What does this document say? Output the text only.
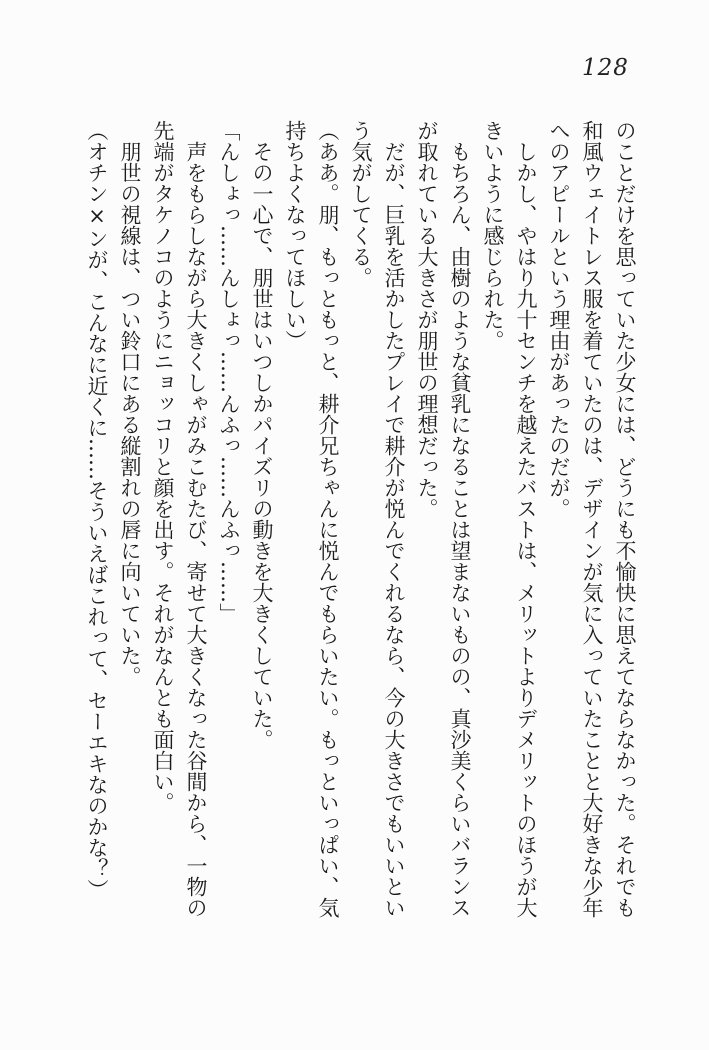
128

のことだけを思っていた少女には、どうにも不愉快に思えてならなかった。それでも和風ウェイトレス服を着ていたのは、デザインが気に入っていたことと大好きな少年へのアピールという理由があったのだが。

しかし、やはり九十センチを越えたバストは、メリットよりデメリットのほうが大きいように感じられた。

もちろん、由樹のような貧乳になることは望まないものの、真沙美くらいバランスが取れている大きさが朋世の理想だった。

だが、巨乳を活かしたプレイで耕介が悦んでくれるなら、今の大きさでもいいという気がしてくる。

（ああ。朋、もっともっと、耕介兄ちゃんに悦んでもらいたい。もっといっぱい、気持ちよくなってほしい）

その一心で、朋世はいつしかパイズリの動きを大きくしていた。

「んしょっ……んしょっ……んふっ……んふっ……」

声をもらしながら大きくしゃがみこむたび、寄せて大きくなった谷間から、一物の先端がタケノコのようにニョッコリと顔を出す。それがなんとも面白い。

朋世の視線は、つい鈴口にある縦割れの唇に向いていた。

（オチン×ンが、こんなに近くに……そういえばこれって、セーエキなのかな？）
